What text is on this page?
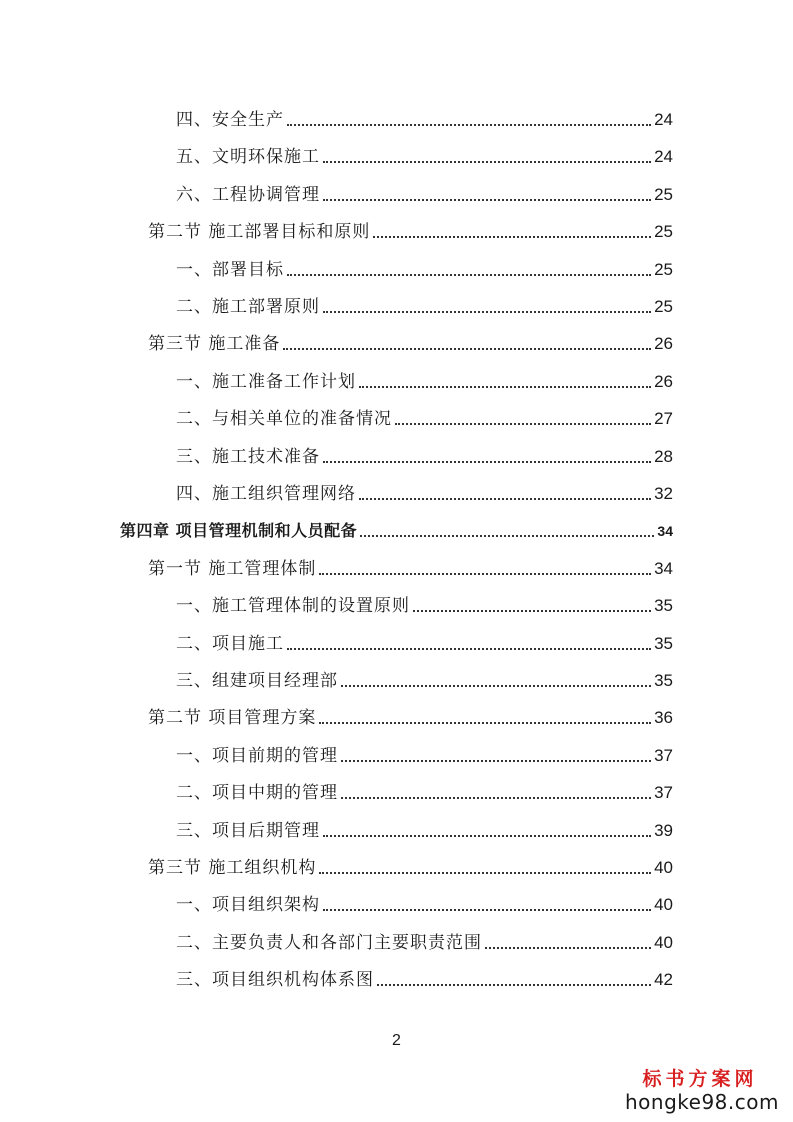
四、安全生产	24
五、文明环保施工	24
六、工程协调管理	25
第二节 施工部署目标和原则	25
一、部署目标	25
二、施工部署原则	25
第三节 施工准备	26
一、施工准备工作计划	26
二、与相关单位的准备情况	27
三、施工技术准备	28
四、施工组织管理网络	32
第四章 项目管理机制和人员配备	34
第一节 施工管理体制	34
一、施工管理体制的设置原则	35
二、项目施工	35
三、组建项目经理部	35
第二节 项目管理方案	36
一、项目前期的管理	37
二、项目中期的管理	37
三、项目后期管理	39
第三节 施工组织机构	40
一、项目组织架构	40
二、主要负责人和各部门主要职责范围	40
三、项目组织机构体系图	42
2
标书方案网
hongke98.com
